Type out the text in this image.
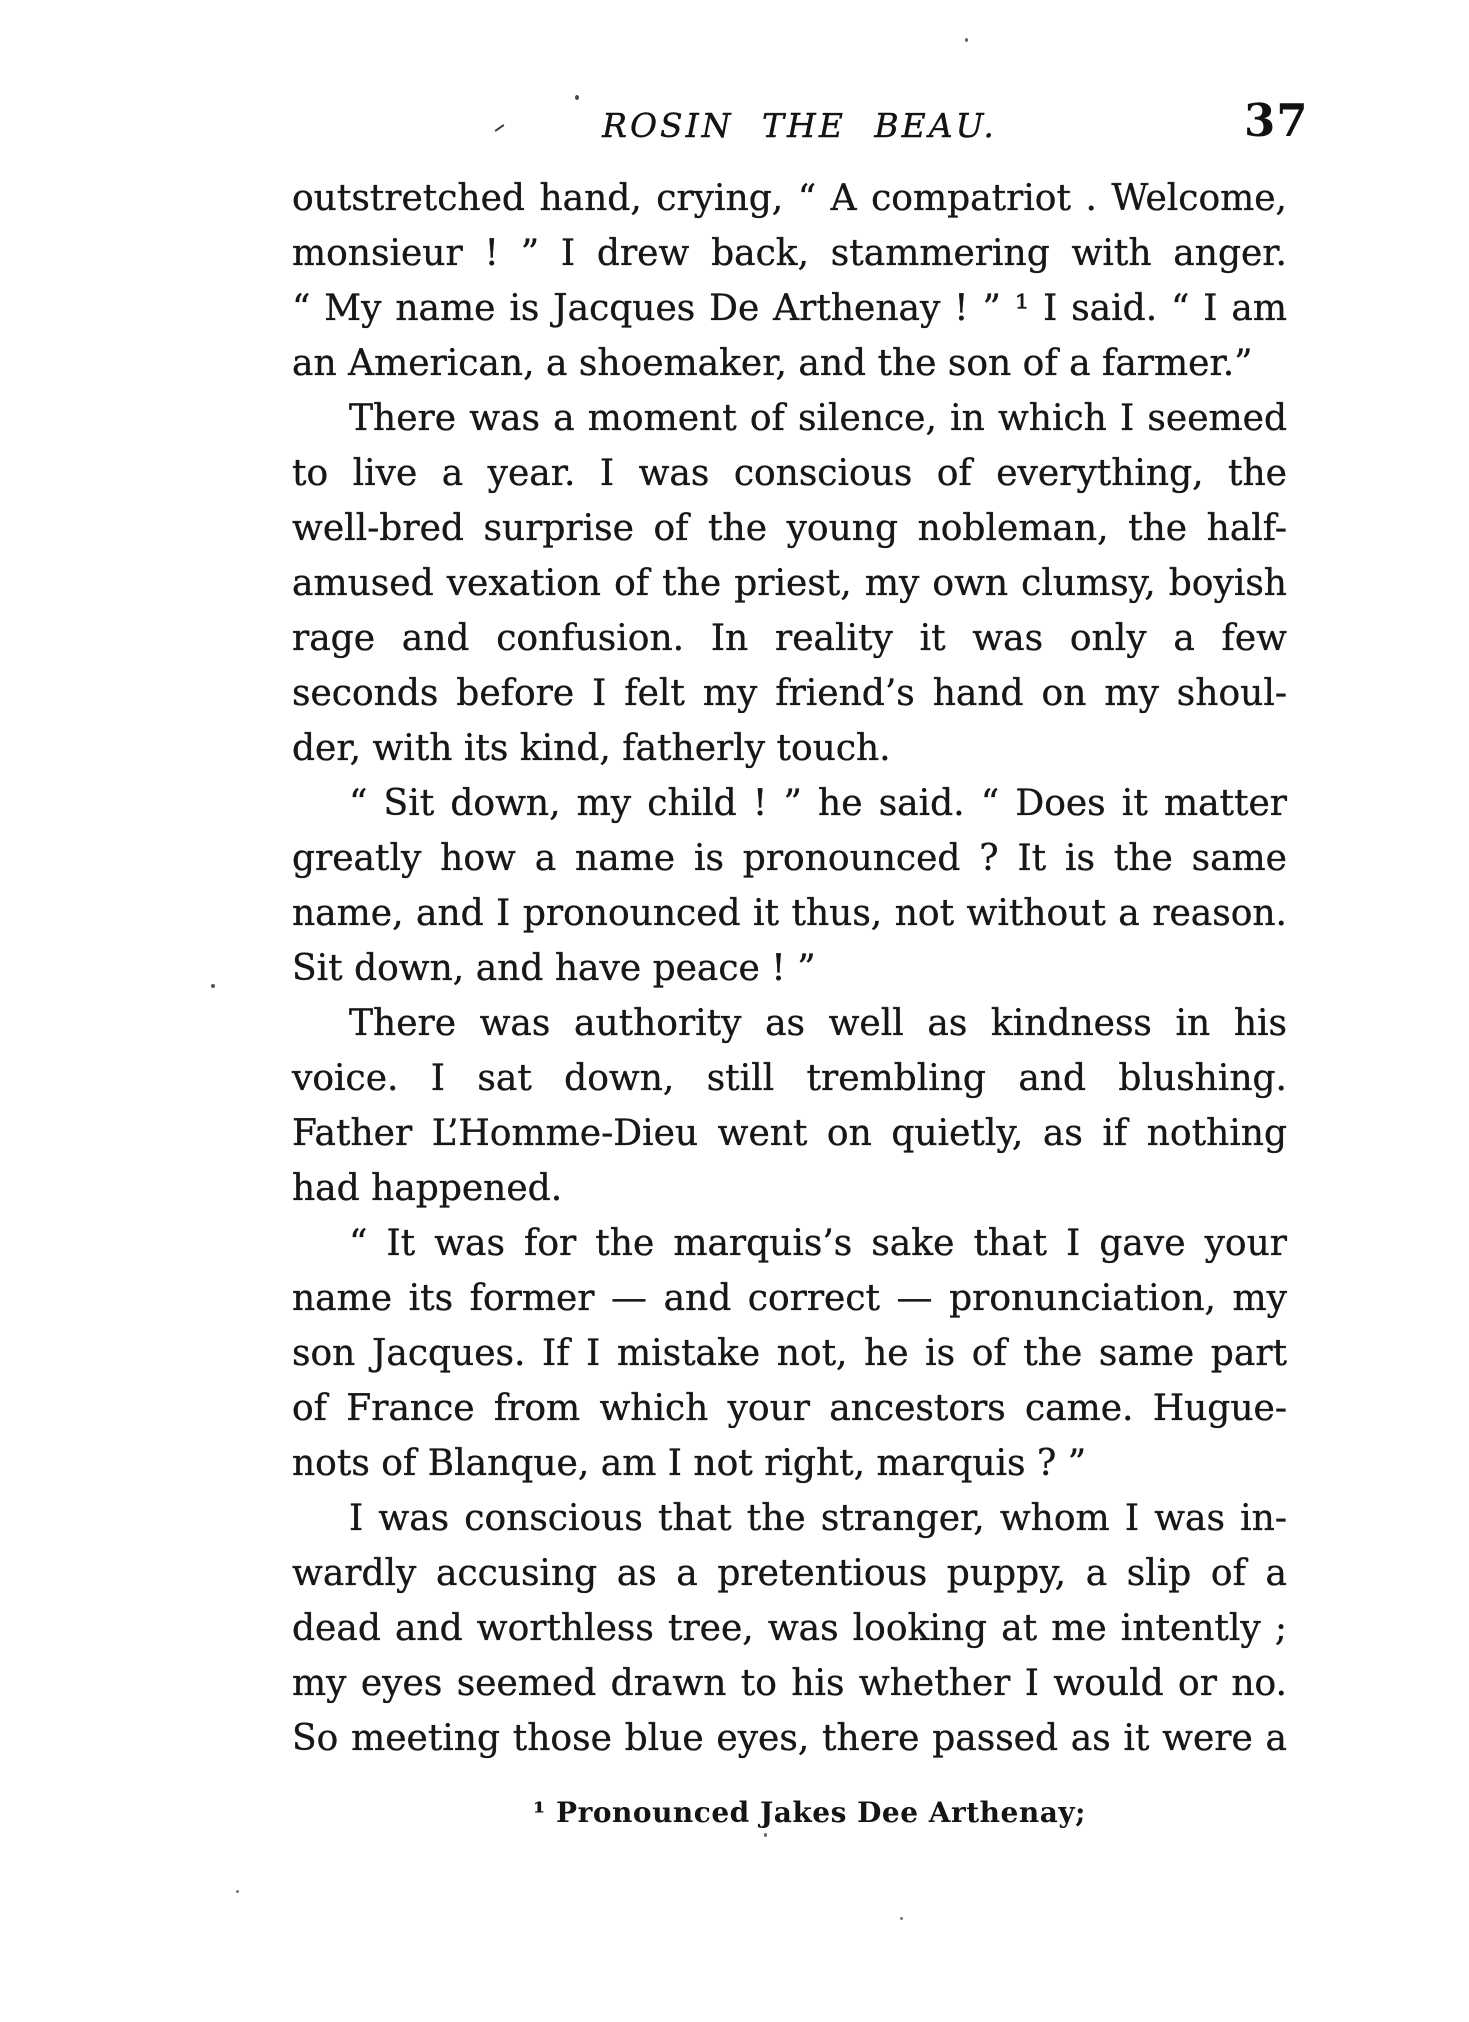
ROSIN THE BEAU.	37
outstretched hand, crying, “ A compatriot . Welcome,
monsieur ! ” I drew back, stammering with anger.
“ My name is Jacques De Arthenay ! ” ¹ I said. “ I am
an American, a shoemaker, and the son of a farmer.”
There was a moment of silence, in which I seemed
to live a year. I was conscious of everything, the
well-bred surprise of the young nobleman, the half-
amused vexation of the priest, my own clumsy, boyish
rage and confusion. In reality it was only a few
seconds before I felt my friend’s hand on my shoul-
der, with its kind, fatherly touch.
“ Sit down, my child ! ” he said. “ Does it matter
greatly how a name is pronounced ? It is the same
name, and I pronounced it thus, not without a reason.
Sit down, and have peace ! ”
There was authority as well as kindness in his
voice. I sat down, still trembling and blushing.
Father L’Homme-Dieu went on quietly, as if nothing
had happened.
“ It was for the marquis’s sake that I gave your
name its former — and correct — pronunciation, my
son Jacques. If I mistake not, he is of the same part
of France from which your ancestors came. Hugue-
nots of Blanque, am I not right, marquis ? ”
I was conscious that the stranger, whom I was in-
wardly accusing as a pretentious puppy, a slip of a
dead and worthless tree, was looking at me intently ;
my eyes seemed drawn to his whether I would or no.
So meeting those blue eyes, there passed as it were a
¹ Pronounced Jakes Dee Arthenay;
